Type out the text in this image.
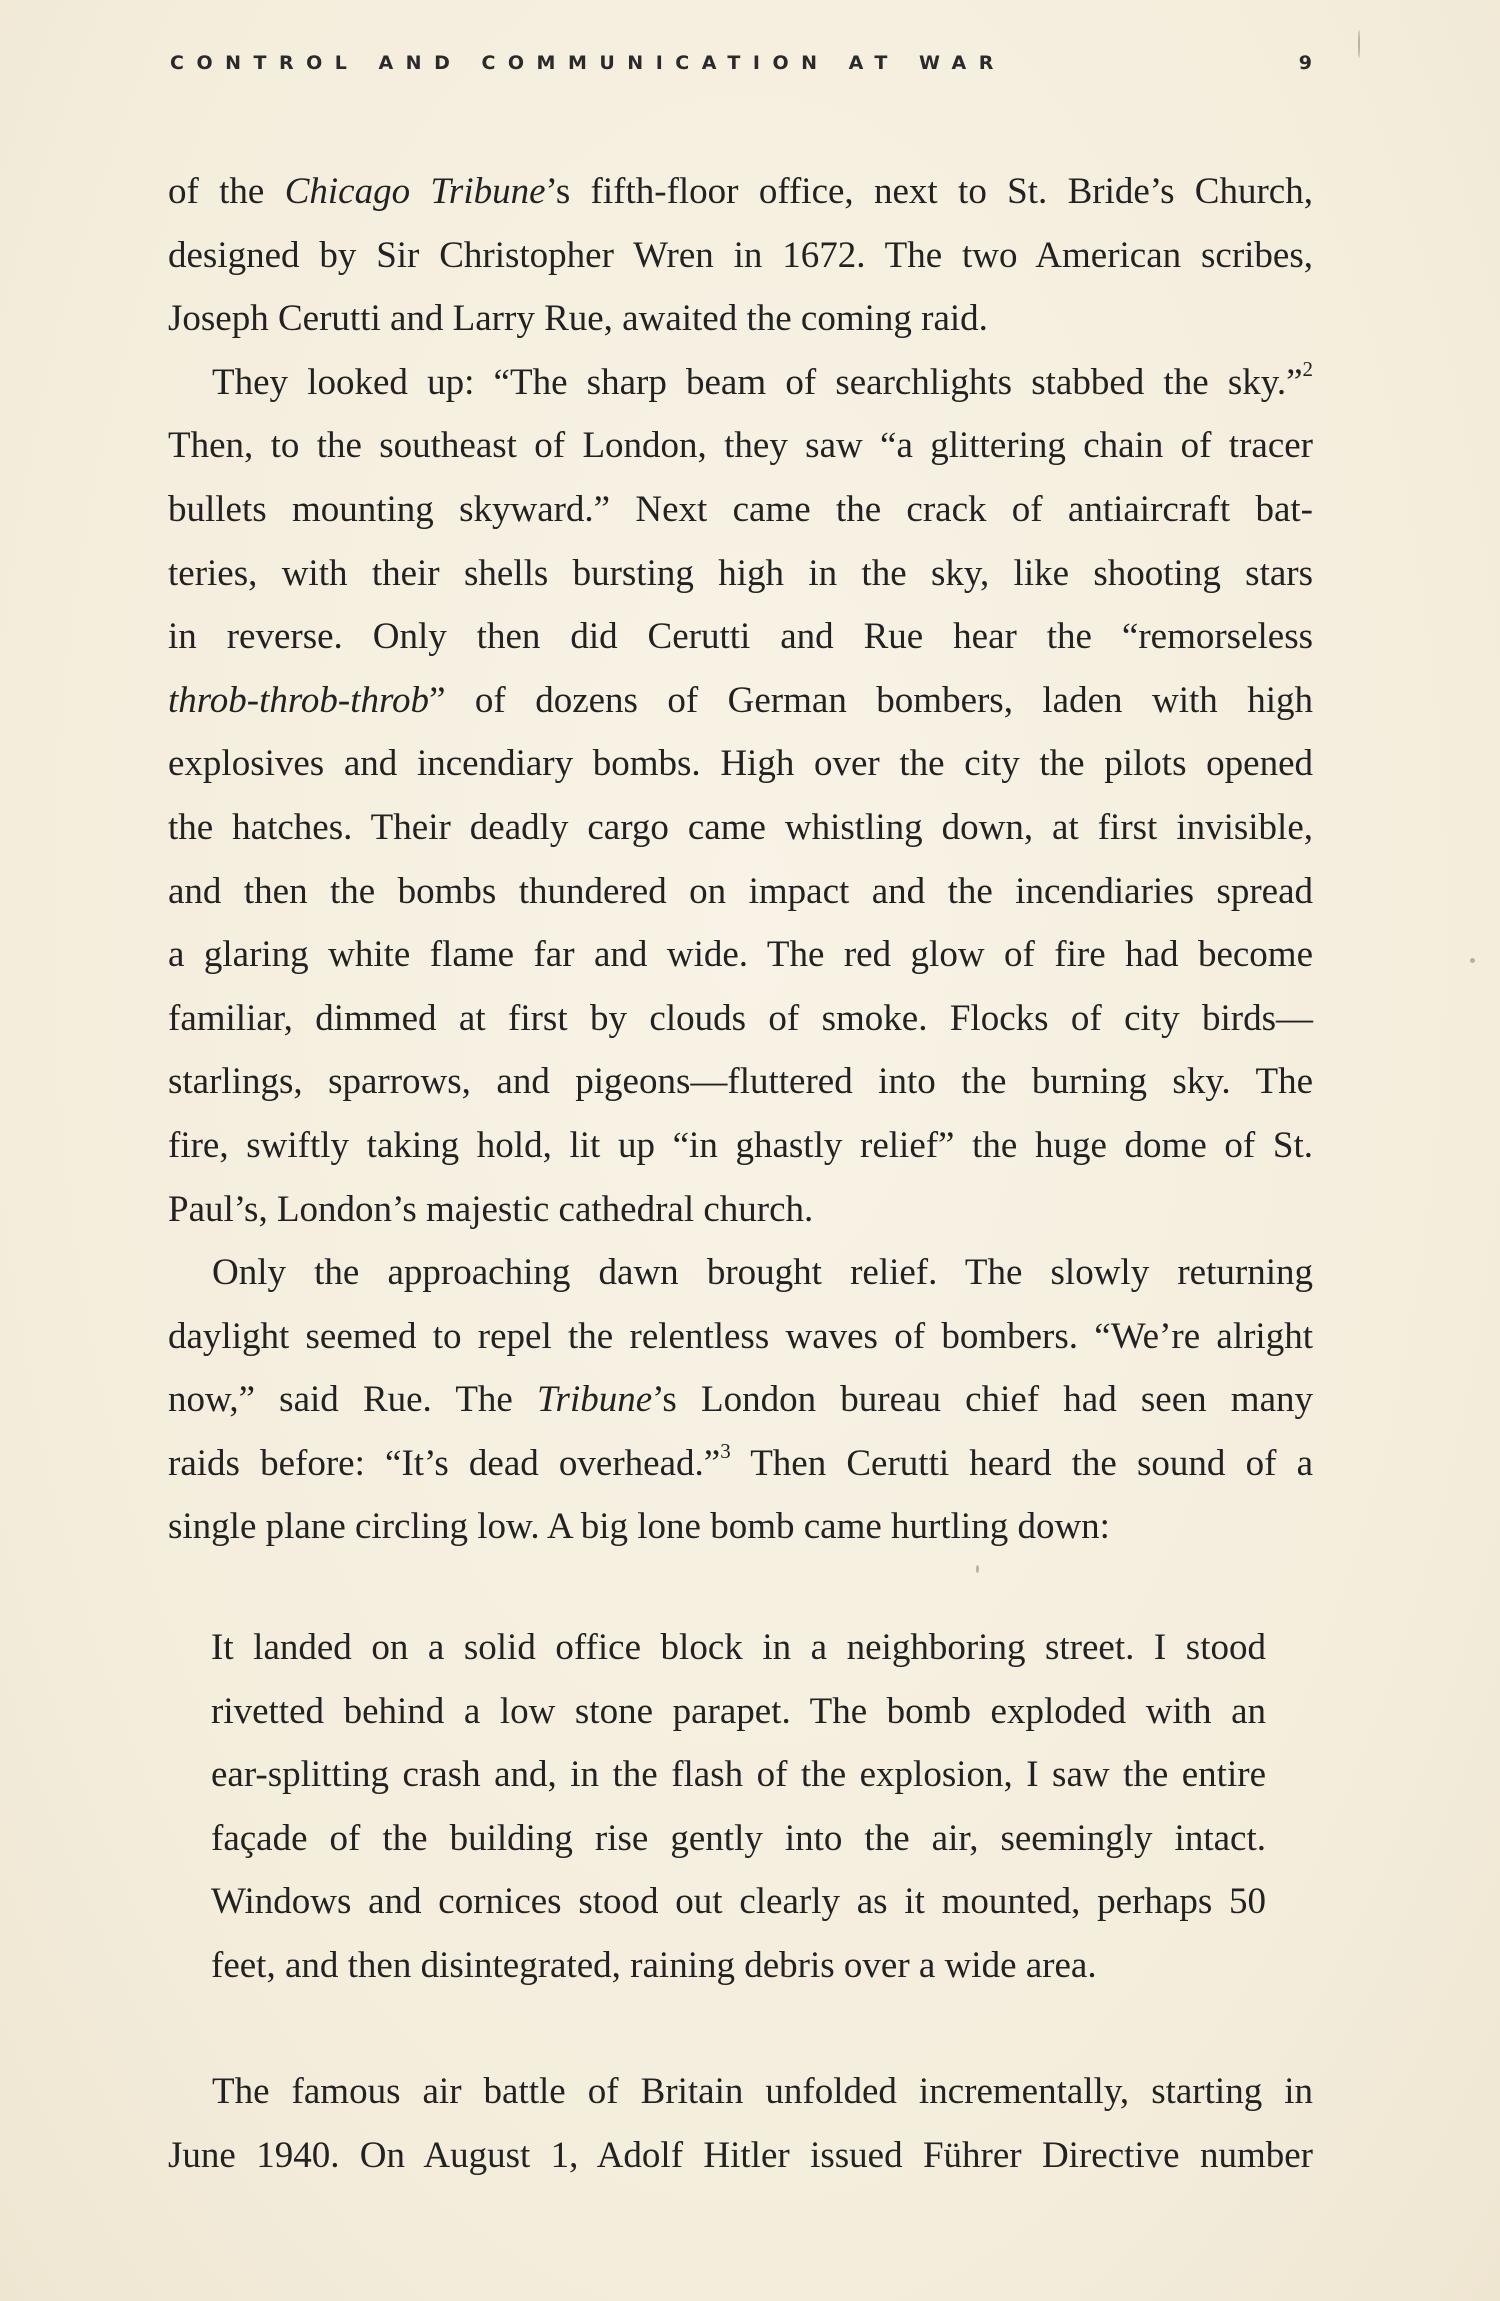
CONTROL AND COMMUNICATION AT WAR	9

of the Chicago Tribune’s fifth-floor office, next to St. Bride’s Church,
designed by Sir Christopher Wren in 1672. The two American scribes,
Joseph Cerutti and Larry Rue, awaited the coming raid.

They looked up: “The sharp beam of searchlights stabbed the sky.”$^2$
Then, to the southeast of London, they saw “a glittering chain of tracer
bullets mounting skyward.” Next came the crack of antiaircraft bat-
teries, with their shells bursting high in the sky, like shooting stars
in reverse. Only then did Cerutti and Rue hear the “remorseless
throb-throb-throb” of dozens of German bombers, laden with high
explosives and incendiary bombs. High over the city the pilots opened
the hatches. Their deadly cargo came whistling down, at first invisible,
and then the bombs thundered on impact and the incendiaries spread
a glaring white flame far and wide. The red glow of fire had become
familiar, dimmed at first by clouds of smoke. Flocks of city birds—
starlings, sparrows, and pigeons—fluttered into the burning sky. The
fire, swiftly taking hold, lit up “in ghastly relief” the huge dome of St.
Paul’s, London’s majestic cathedral church.

Only the approaching dawn brought relief. The slowly returning
daylight seemed to repel the relentless waves of bombers. “We’re alright
now,” said Rue. The Tribune’s London bureau chief had seen many
raids before: “It’s dead overhead.”$^3$ Then Cerutti heard the sound of a
single plane circling low. A big lone bomb came hurtling down:

It landed on a solid office block in a neighboring street. I stood
rivetted behind a low stone parapet. The bomb exploded with an
ear-splitting crash and, in the flash of the explosion, I saw the entire
façade of the building rise gently into the air, seemingly intact.
Windows and cornices stood out clearly as it mounted, perhaps 50
feet, and then disintegrated, raining debris over a wide area.
The famous air battle of Britain unfolded incrementally, starting in
June 1940. On August 1, Adolf Hitler issued Führer Directive number
